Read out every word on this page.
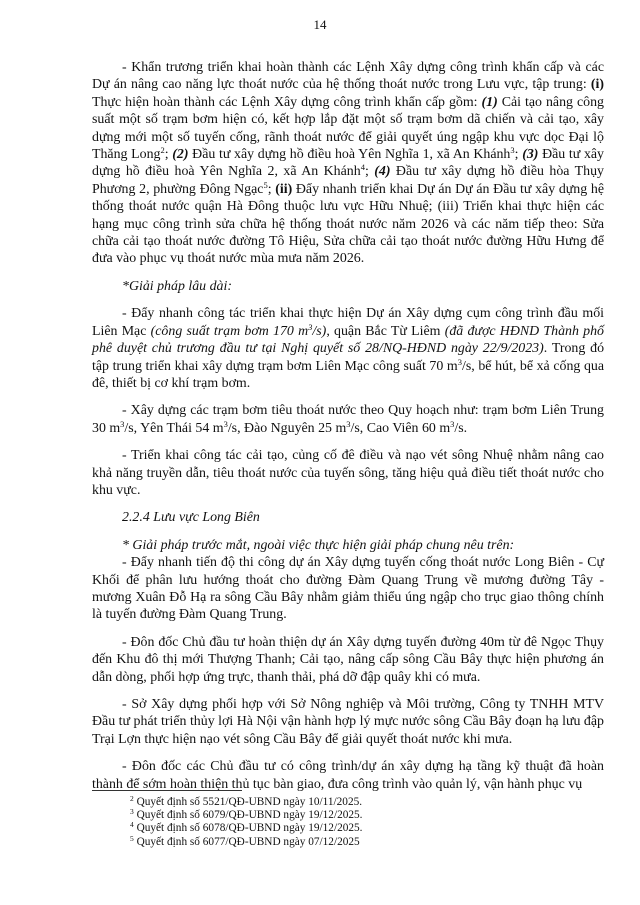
14

- Khẩn trương triển khai hoàn thành các Lệnh Xây dựng công trình khẩn cấp và các Dự án nâng cao năng lực thoát nước của hệ thống thoát nước trong Lưu vực, tập trung: (i) Thực hiện hoàn thành các Lệnh Xây dựng công trình khẩn cấp gồm: (1) Cải tạo nâng công suất một số trạm bơm hiện có, kết hợp lắp đặt một số trạm bơm dã chiến và cải tạo, xây dựng mới một số tuyến cống, rãnh thoát nước để giải quyết úng ngập khu vực dọc Đại lộ Thăng Long$^2$; (2) Đầu tư xây dựng hồ điều hoà Yên Nghĩa 1, xã An Khánh$^3$; (3) Đầu tư xây dựng hồ điều hoà Yên Nghĩa 2, xã An Khánh$^4$; (4) Đầu tư xây dựng hồ điều hòa Thụy Phương 2, phường Đông Ngạc$^5$; (ii) Đẩy nhanh triển khai Dự án Dự án Đầu tư xây dựng hệ thống thoát nước quận Hà Đông thuộc lưu vực Hữu Nhuệ; (iii) Triển khai thực hiện các hạng mục công trình sửa chữa hệ thống thoát nước năm 2026 và các năm tiếp theo: Sửa chữa cải tạo thoát nước đường Tô Hiệu, Sửa chữa cải tạo thoát nước đường Hữu Hưng để đưa vào phục vụ thoát nước mùa mưa năm 2026.

*Giải pháp lâu dài:

- Đẩy nhanh công tác triển khai thực hiện Dự án Xây dựng cụm công trình đầu mối Liên Mạc (công suất trạm bơm 170 $m^3/s$), quận Bắc Từ Liêm (đã được HĐND Thành phố phê duyệt chủ trương đầu tư tại Nghị quyết số 28/NQ-HĐND ngày 22/9/2023). Trong đó tập trung triển khai xây dựng trạm bơm Liên Mạc công suất 70 $m^3/s$, bể hút, bể xả cống qua đê, thiết bị cơ khí trạm bơm.

- Xây dựng các trạm bơm tiêu thoát nước theo Quy hoạch như: trạm bơm Liên Trung 30 $m^3/s$, Yên Thái 54 $m^3/s$, Đào Nguyên 25 $m^3/s$, Cao Viên 60 $m^3/s$.

- Triển khai công tác cải tạo, củng cố đê điều và nạo vét sông Nhuệ nhằm nâng cao khả năng truyền dẫn, tiêu thoát nước của tuyến sông, tăng hiệu quả điều tiết thoát nước cho khu vực.

2.2.4 Lưu vực Long Biên

* Giải pháp trước mắt, ngoài việc thực hiện giải pháp chung nêu trên:

- Đẩy nhanh tiến độ thi công dự án Xây dựng tuyến cống thoát nước Long Biên - Cự Khối để phân lưu hướng thoát cho đường Đàm Quang Trung về mương đường Tây - mương Xuân Đỗ Hạ ra sông Cầu Bây nhằm giảm thiểu úng ngập cho trục giao thông chính là tuyến đường Đàm Quang Trung.

- Đôn đốc Chủ đầu tư hoàn thiện dự án Xây dựng tuyến đường 40m từ đê Ngọc Thụy đến Khu đô thị mới Thượng Thanh; Cải tạo, nâng cấp sông Cầu Bây thực hiện phương án dẫn dòng, phối hợp ứng trực, thanh thải, phá dỡ đập quây khi có mưa.

- Sở Xây dựng phối hợp với Sở Nông nghiệp và Môi trường, Công ty TNHH MTV Đầu tư phát triển thủy lợi Hà Nội vận hành hợp lý mực nước sông Cầu Bây đoạn hạ lưu đập Trại Lợn thực hiện nạo vét sông Cầu Bây để giải quyết thoát nước khi mưa.

- Đôn đốc các Chủ đầu tư có công trình/dự án xây dựng hạ tầng kỹ thuật đã hoàn thành để sớm hoàn thiện thủ tục bàn giao, đưa công trình vào quản lý, vận hành phục vụ

$^2$ Quyết định số 5521/QĐ-UBND ngày 10/11/2025.
$^3$ Quyết định số 6079/QĐ-UBND ngày 19/12/2025.
$^4$ Quyết định số 6078/QĐ-UBND ngày 19/12/2025.
$^5$ Quyết định số 6077/QĐ-UBND ngày 07/12/2025
